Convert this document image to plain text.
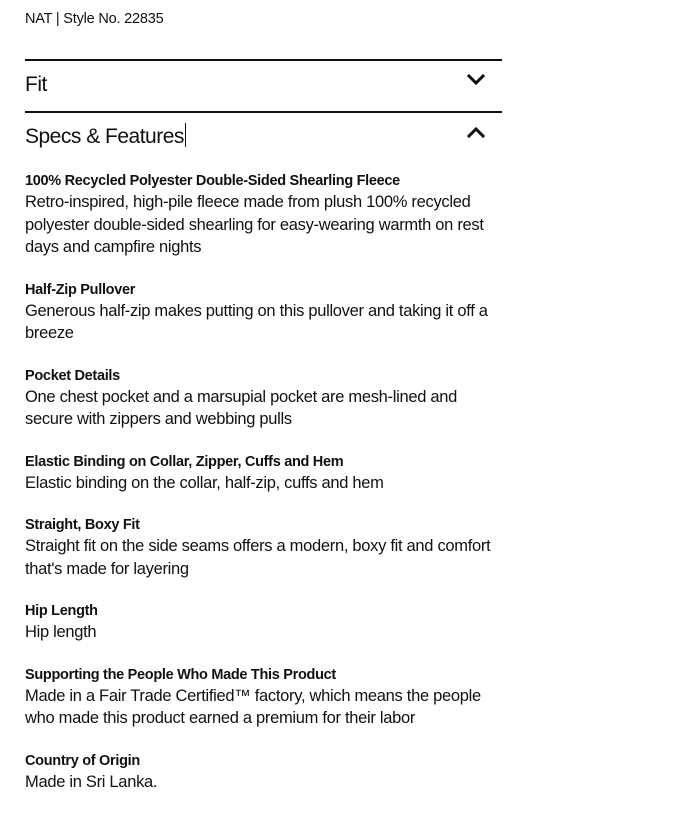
NAT | Style No. 22835
Fit
Specs & Features

100% Recycled Polyester Double-Sided Shearling Fleece

Retro-inspired, high-pile fleece made from plush 100% recycled polyester double-sided shearling for easy-wearing warmth on rest days and campfire nights

Half-Zip Pullover

Generous half-zip makes putting on this pullover and taking it off a breeze

Pocket Details

One chest pocket and a marsupial pocket are mesh-lined and secure with zippers and webbing pulls

Elastic Binding on Collar, Zipper, Cuffs and Hem

Elastic binding on the collar, half-zip, cuffs and hem

Straight, Boxy Fit

Straight fit on the side seams offers a modern, boxy fit and comfort that's made for layering

Hip Length

Hip length

Supporting the People Who Made This Product

Made in a Fair Trade Certified™ factory, which means the people who made this product earned a premium for their labor

Country of Origin

Made in Sri Lanka.
